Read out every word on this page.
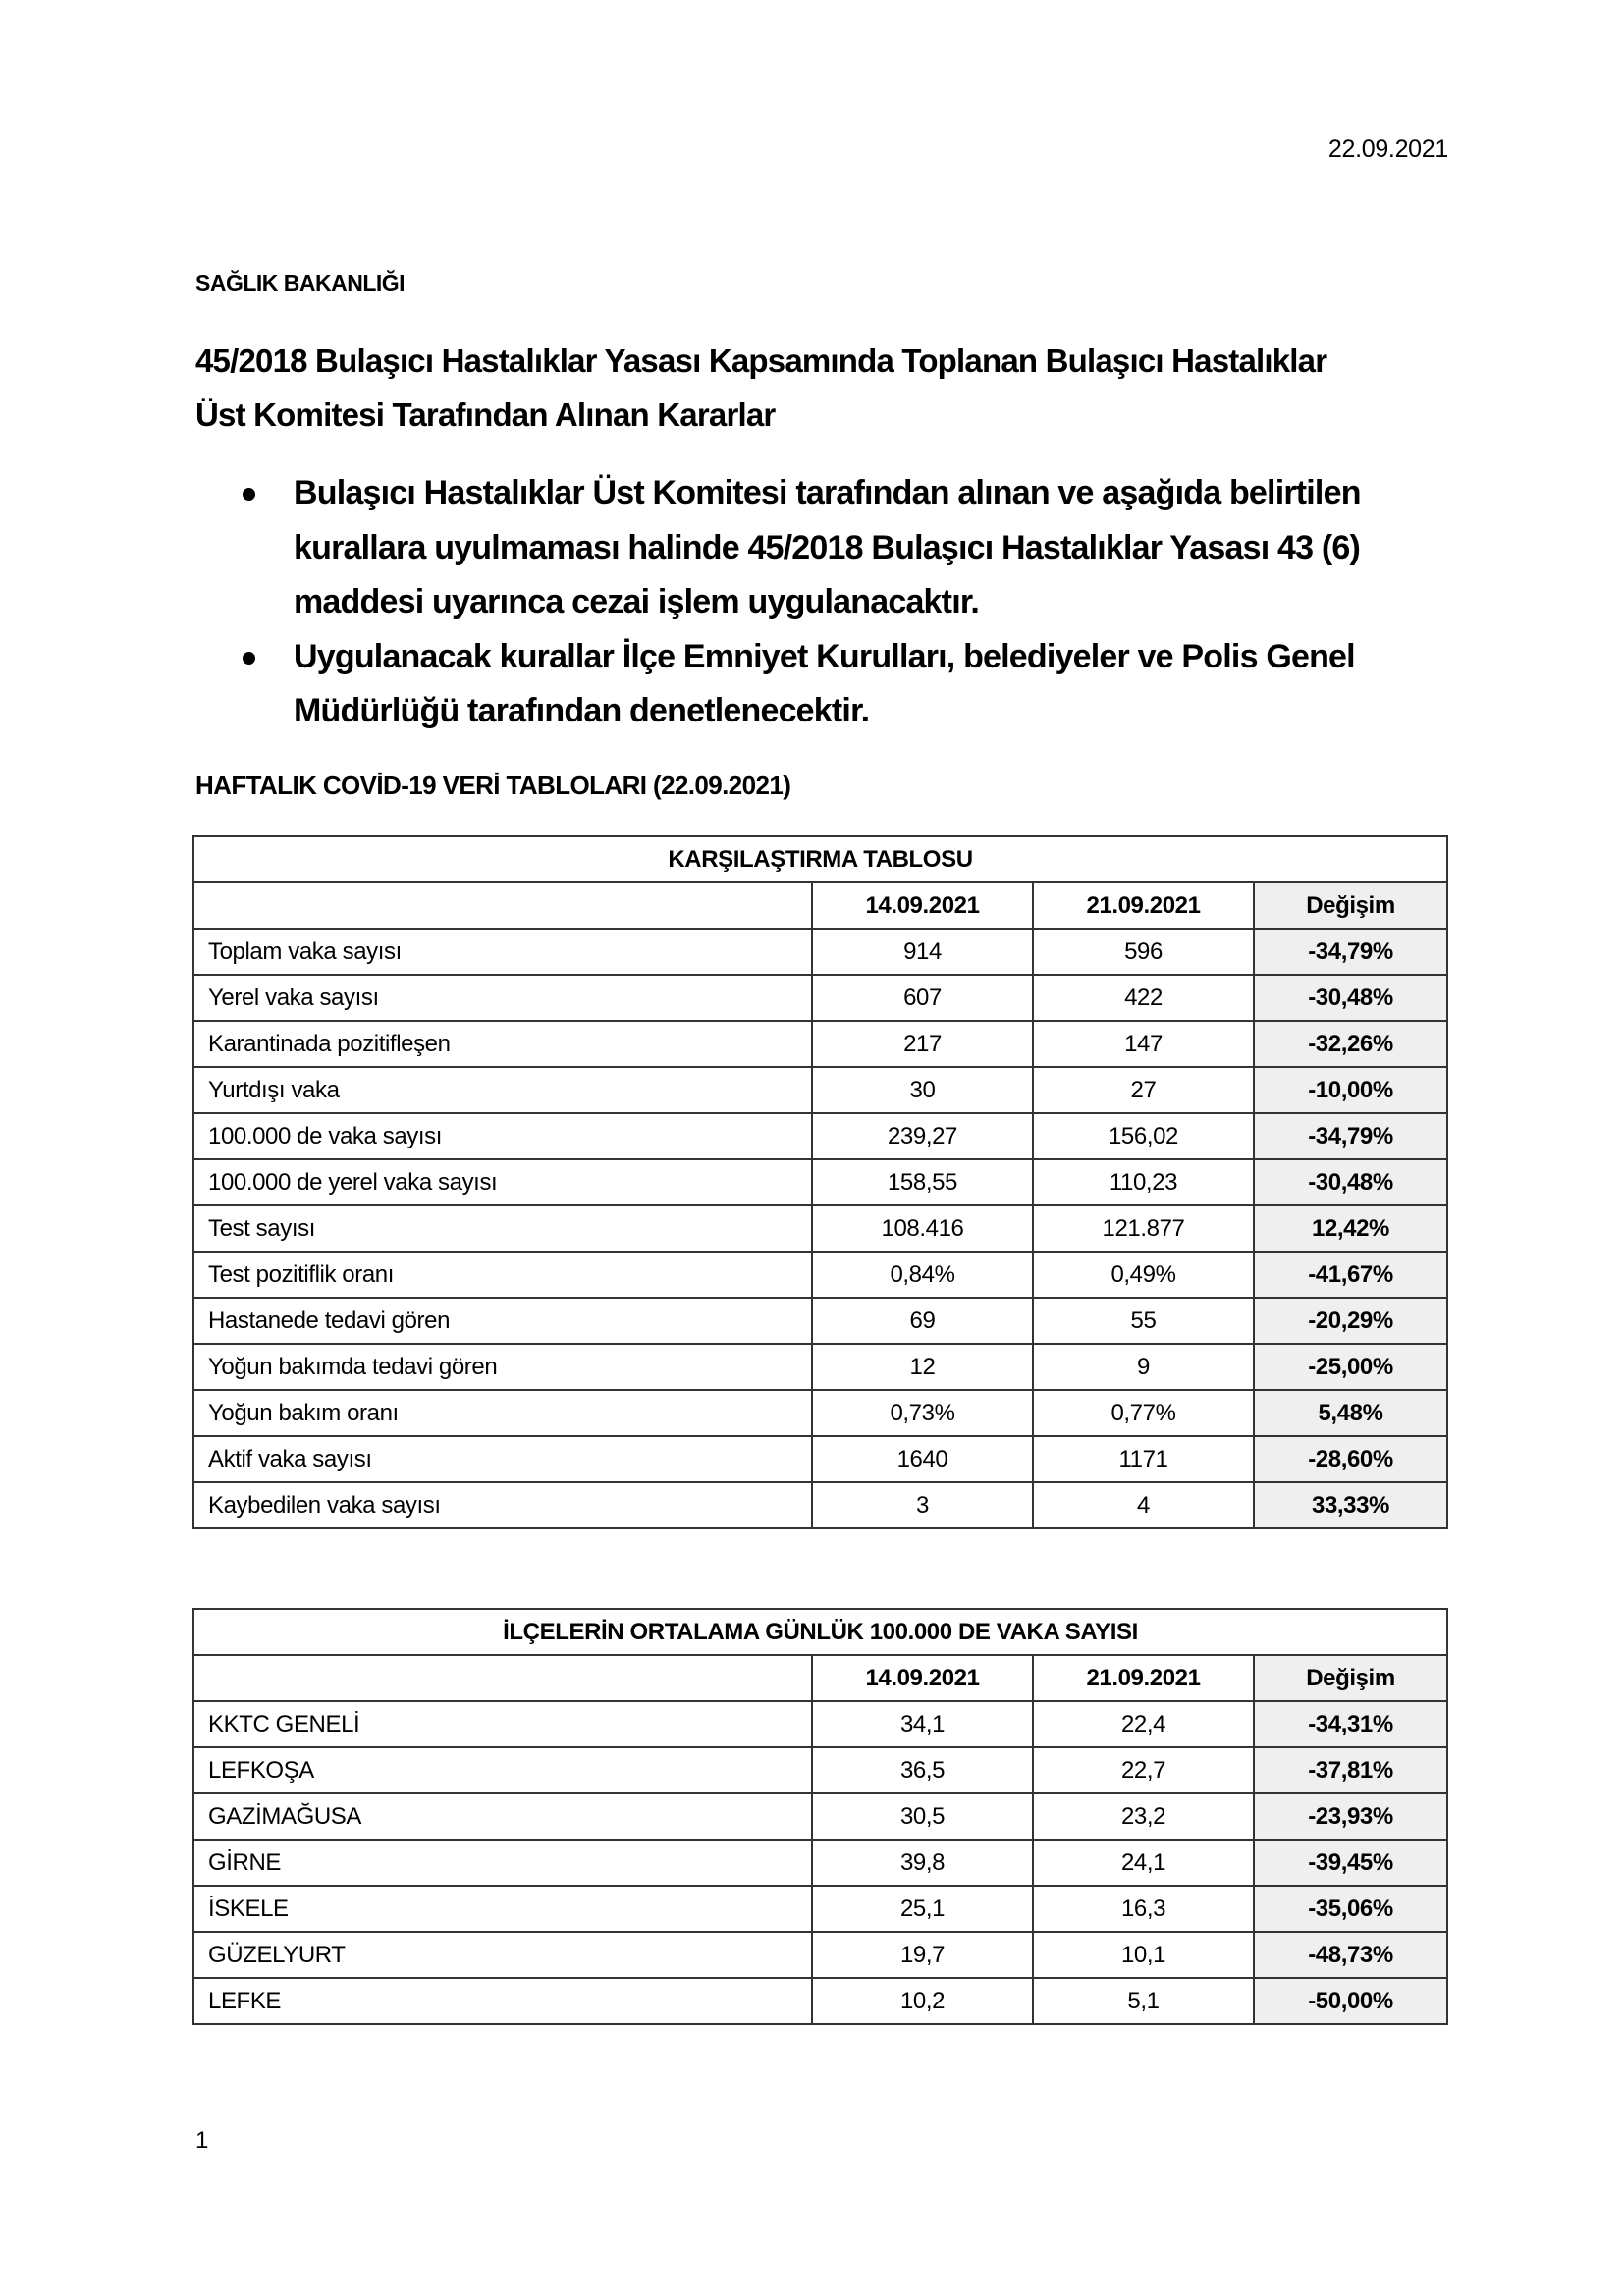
22.09.2021
SAĞLIK BAKANLIĞI
45/2018 Bulaşıcı Hastalıklar Yasası Kapsamında Toplanan Bulaşıcı Hastalıklar
Üst Komitesi Tarafından Alınan Kararlar
Bulaşıcı Hastalıklar Üst Komitesi tarafından alınan ve aşağıda belirtilen
kurallara uyulmaması halinde 45/2018 Bulaşıcı Hastalıklar Yasası 43 (6)
maddesi uyarınca cezai işlem uygulanacaktır.
Uygulanacak kurallar İlçe Emniyet Kurulları, belediyeler ve Polis Genel
Müdürlüğü tarafından denetlenecektir.
HAFTALIK COVİD-19 VERİ TABLOLARI (22.09.2021)
KARŞILAŞTIRMA TABLOSU			
	14.09.2021	21.09.2021	Değişim
Toplam vaka sayısı	914	596	-34,79%
Yerel vaka sayısı	607	422	-30,48%
Karantinada pozitifleşen	217	147	-32,26%
Yurtdışı vaka	30	27	-10,00%
100.000 de vaka sayısı	239,27	156,02	-34,79%
100.000 de yerel vaka sayısı	158,55	110,23	-30,48%
Test sayısı	108.416	121.877	12,42%
Test pozitiflik oranı	0,84%	0,49%	-41,67%
Hastanede tedavi gören	69	55	-20,29%
Yoğun bakımda tedavi gören	12	9	-25,00%
Yoğun bakım oranı	0,73%	0,77%	5,48%
Aktif vaka sayısı	1640	1171	-28,60%
Kaybedilen vaka sayısı	3	4	33,33%
İLÇELERİN ORTALAMA GÜNLÜK 100.000 DE VAKA SAYISI			
	14.09.2021	21.09.2021	Değişim
KKTC GENELİ	34,1	22,4	-34,31%
LEFKOŞA	36,5	22,7	-37,81%
GAZİMAĞUSA	30,5	23,2	-23,93%
GİRNE	39,8	24,1	-39,45%
İSKELE	25,1	16,3	-35,06%
GÜZELYURT	19,7	10,1	-48,73%
LEFKE	10,2	5,1	-50,00%
1
